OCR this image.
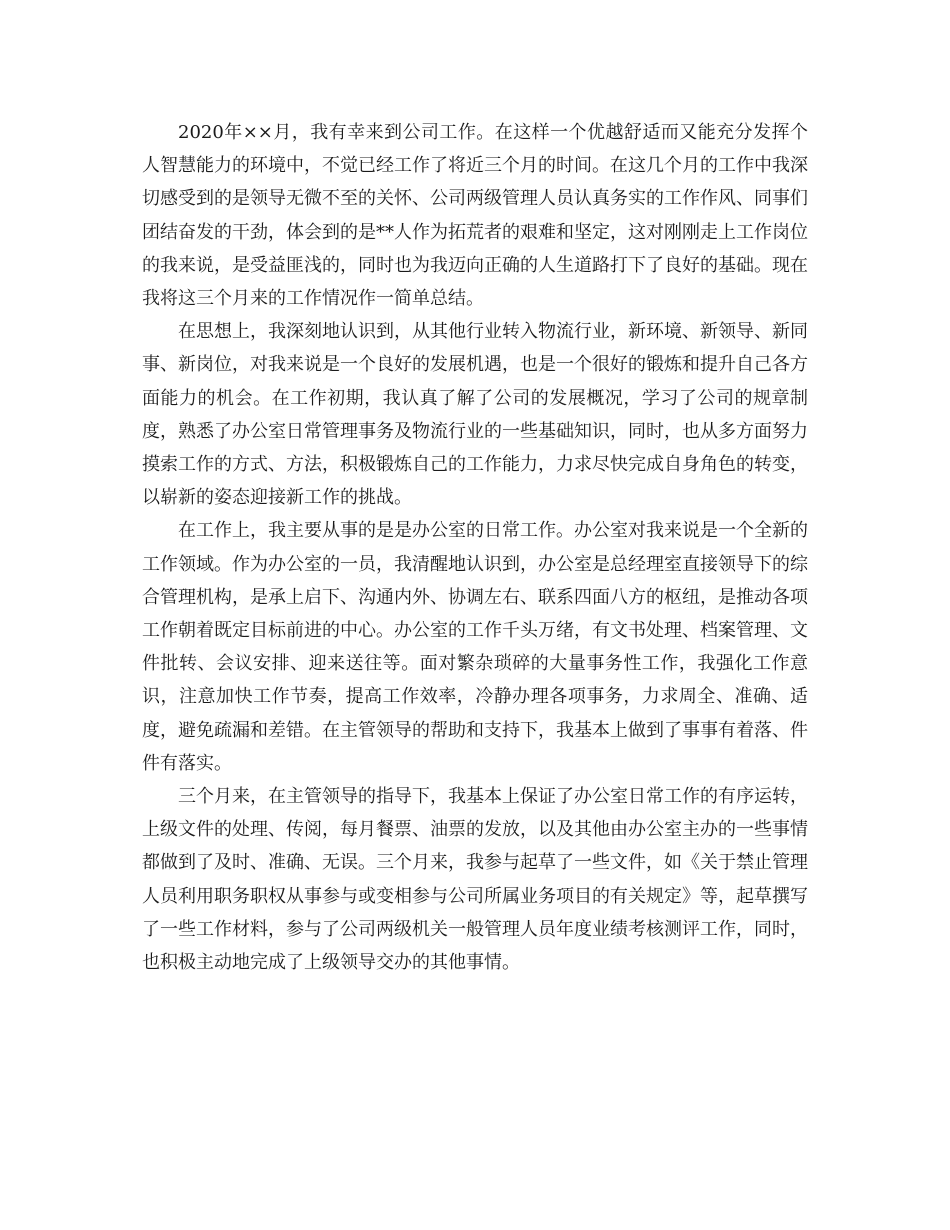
2020年××月，我有幸来到公司工作。在这样一个优越舒适而又能充分发挥个人智慧能力的环境中，不觉已经工作了将近三个月的时间。在这几个月的工作中我深切感受到的是领导无微不至的关怀、公司两级管理人员认真务实的工作作风、同事们团结奋发的干劲，体会到的是**人作为拓荒者的艰难和坚定，这对刚刚走上工作岗位的我来说，是受益匪浅的，同时也为我迈向正确的人生道路打下了良好的基础。现在我将这三个月来的工作情况作一简单总结。

在思想上，我深刻地认识到，从其他行业转入物流行业，新环境、新领导、新同事、新岗位，对我来说是一个良好的发展机遇，也是一个很好的锻炼和提升自己各方面能力的机会。在工作初期，我认真了解了公司的发展概况，学习了公司的规章制度，熟悉了办公室日常管理事务及物流行业的一些基础知识，同时，也从多方面努力摸索工作的方式、方法，积极锻炼自己的工作能力，力求尽快完成自身角色的转变，以崭新的姿态迎接新工作的挑战。

在工作上，我主要从事的是是办公室的日常工作。办公室对我来说是一个全新的工作领域。作为办公室的一员，我清醒地认识到，办公室是总经理室直接领导下的综合管理机构，是承上启下、沟通内外、协调左右、联系四面八方的枢纽，是推动各项工作朝着既定目标前进的中心。办公室的工作千头万绪，有文书处理、档案管理、文件批转、会议安排、迎来送往等。面对繁杂琐碎的大量事务性工作，我强化工作意识，注意加快工作节奏，提高工作效率，冷静办理各项事务，力求周全、准确、适度，避免疏漏和差错。在主管领导的帮助和支持下，我基本上做到了事事有着落、件件有落实。

三个月来，在主管领导的指导下，我基本上保证了办公室日常工作的有序运转，上级文件的处理、传阅，每月餐票、油票的发放，以及其他由办公室主办的一些事情都做到了及时、准确、无误。三个月来，我参与起草了一些文件，如《关于禁止管理人员利用职务职权从事参与或变相参与公司所属业务项目的有关规定》等，起草撰写了一些工作材料，参与了公司两级机关一般管理人员年度业绩考核测评工作，同时，也积极主动地完成了上级领导交办的其他事情。
